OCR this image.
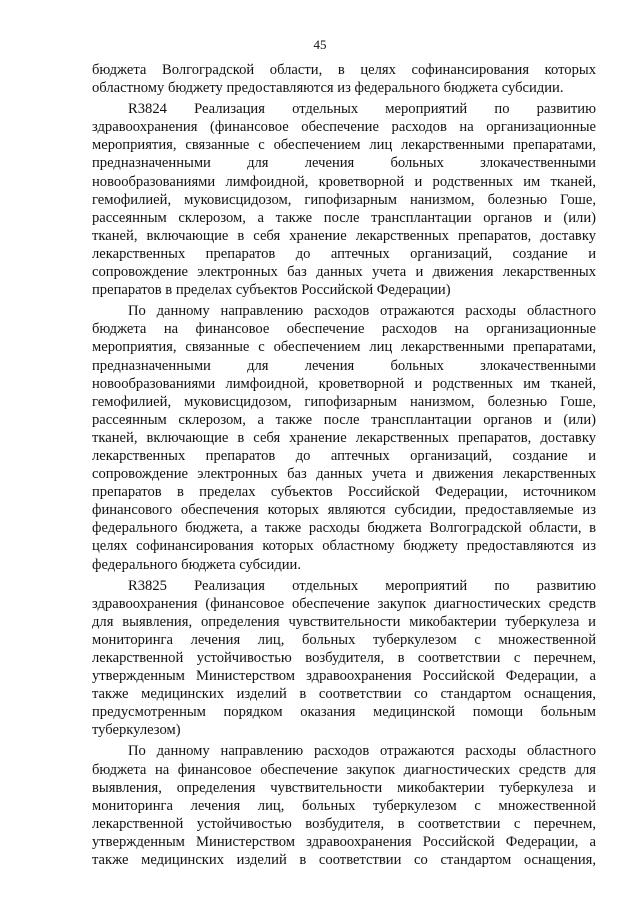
45
бюджета Волгоградской области, в целях софинансирования которых
областному бюджету предоставляются из федерального бюджета субсидии.
R3824 Реализация отдельных мероприятий по развитию
здравоохранения (финансовое обеспечение расходов на организационные
мероприятия, связанные с обеспечением лиц лекарственными препаратами,
предназначенными для лечения больных злокачественными
новообразованиями лимфоидной, кроветворной и родственных им тканей,
гемофилией, муковисцидозом, гипофизарным нанизмом, болезнью Гоше,
рассеянным склерозом, а также после трансплантации органов и (или)
тканей, включающие в себя хранение лекарственных препаратов, доставку
лекарственных препаратов до аптечных организаций, создание и
сопровождение электронных баз данных учета и движения лекарственных
препаратов в пределах субъектов Российской Федерации)
По данному направлению расходов отражаются расходы областного
бюджета на финансовое обеспечение расходов на организационные
мероприятия, связанные с обеспечением лиц лекарственными препаратами,
предназначенными для лечения больных злокачественными
новообразованиями лимфоидной, кроветворной и родственных им тканей,
гемофилией, муковисцидозом, гипофизарным нанизмом, болезнью Гоше,
рассеянным склерозом, а также после трансплантации органов и (или)
тканей, включающие в себя хранение лекарственных препаратов, доставку
лекарственных препаратов до аптечных организаций, создание и
сопровождение электронных баз данных учета и движения лекарственных
препаратов в пределах субъектов Российской Федерации, источником
финансового обеспечения которых являются субсидии, предоставляемые из
федерального бюджета, а также расходы бюджета Волгоградской области, в
целях софинансирования которых областному бюджету предоставляются из
федерального бюджета субсидии.
R3825 Реализация отдельных мероприятий по развитию
здравоохранения (финансовое обеспечение закупок диагностических средств
для выявления, определения чувствительности микобактерии туберкулеза и
мониторинга лечения лиц, больных туберкулезом с множественной
лекарственной устойчивостью возбудителя, в соответствии с перечнем,
утвержденным Министерством здравоохранения Российской Федерации, а
также медицинских изделий в соответствии со стандартом оснащения,
предусмотренным порядком оказания медицинской помощи больным
туберкулезом)
По данному направлению расходов отражаются расходы областного
бюджета на финансовое обеспечение закупок диагностических средств для
выявления, определения чувствительности микобактерии туберкулеза и
мониторинга лечения лиц, больных туберкулезом с множественной
лекарственной устойчивостью возбудителя, в соответствии с перечнем,
утвержденным Министерством здравоохранения Российской Федерации, а
также медицинских изделий в соответствии со стандартом оснащения,
